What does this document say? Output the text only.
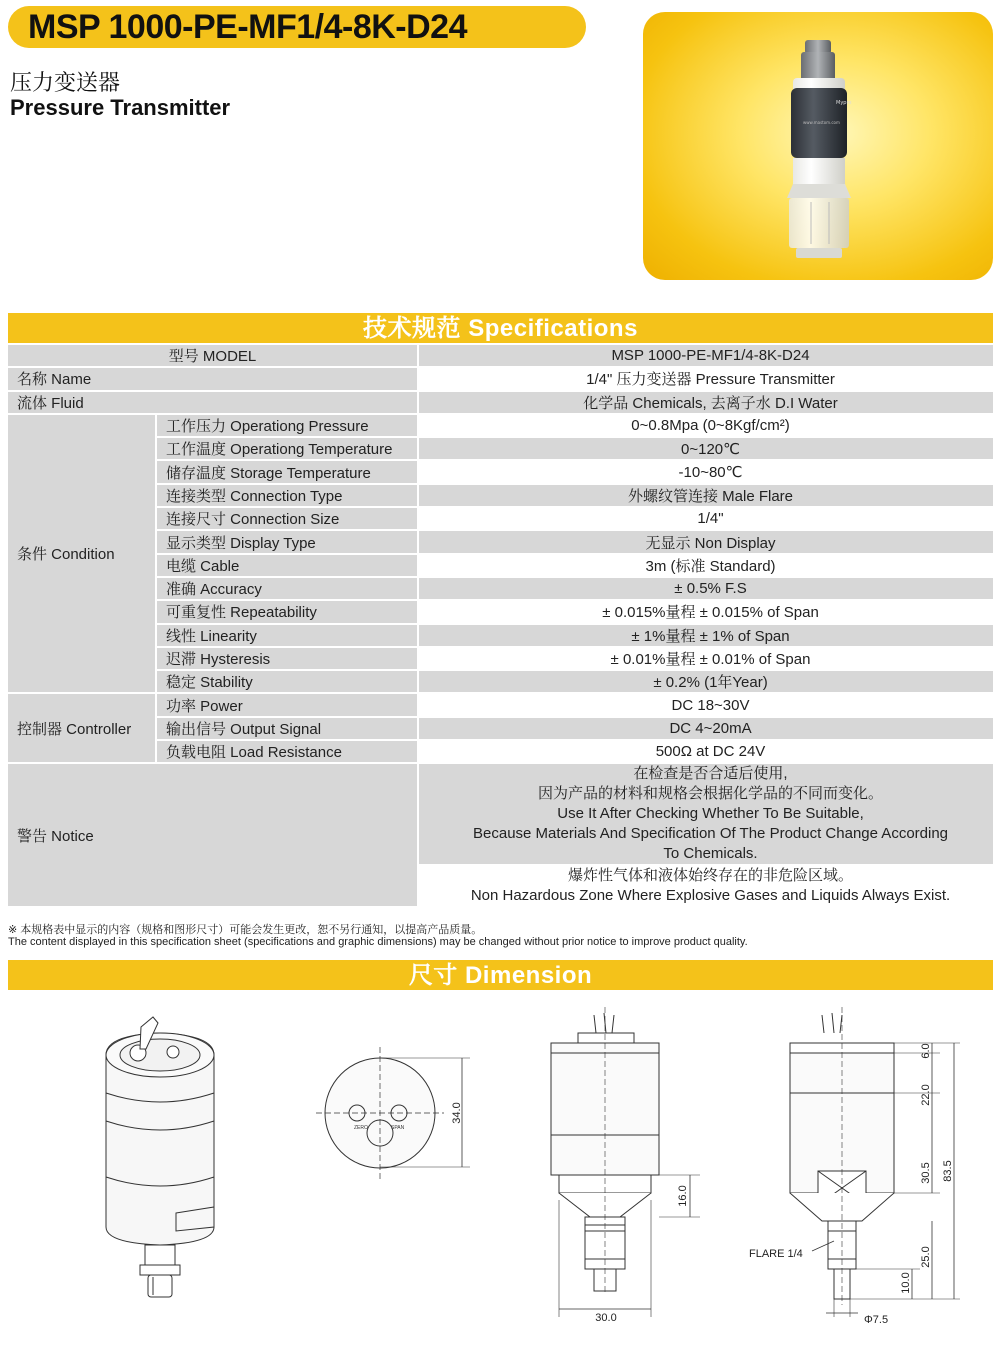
MSP 1000-PE-MF1/4-8K-D24
压力变送器
Pressure Transmitter	Mypro
www.mastom.com
技术规范 Specifications
型号 MODEL		MSP 1000-PE-MF1/4-8K-D24
名称 Name		1/4" 压力变送器 Pressure Transmitter
流体 Fluid		化学品 Chemicals, 去离子水 D.I Water
条件 Condition	工作压力 Operationg Pressure	0~0.8Mpa (0~8Kgf/cm²)
	工作温度 Operationg Temperature	0~120℃
	储存温度 Storage Temperature	-10~80℃
	连接类型 Connection Type	外螺纹管连接 Male Flare
	连接尺寸 Connection Size	1/4"
	显示类型 Display Type	无显示 Non Display
	电缆 Cable	3m (标准 Standard)
	准确 Accuracy	± 0.5% F.S
	可重复性 Repeatability	± 0.015%量程 ± 0.015% of Span
	线性 Linearity	± 1%量程 ± 1% of Span
	迟滞 Hysteresis	± 0.01%量程 ± 0.01% of Span
	稳定 Stability	± 0.2% (1年Year)
控制器 Controller	功率 Power	DC 18~30V
	输出信号 Output Signal	DC 4~20mA
	负载电阻 Load Resistance	500Ω at DC 24V
警告 Notice		在检查是否合适后使用,
因为产品的材料和规格会根据化学品的不同而变化。
Use It After Checking Whether To Be Suitable,
Because Materials And Specification Of The Product Change According
To Chemicals.

		爆炸性气体和液体始终存在的非危险区域。
Non Hazardous Zone Where Explosive Gases and Liquids Always Exist.
※ 本规格表中显示的内容（规格和图形尺寸）可能会发生更改，恕不另行通知，以提高产品质量。
The content displayed in this specification sheet (specifications and graphic dimensions) may be changed without prior notice to improve product quality.
尺寸 Dimension
ZERO	SPAN
34.0
16.0
30.0
6.0
22.0
30.5 83.5
25.0
10.0
Φ7.5
FLARE 1/4
